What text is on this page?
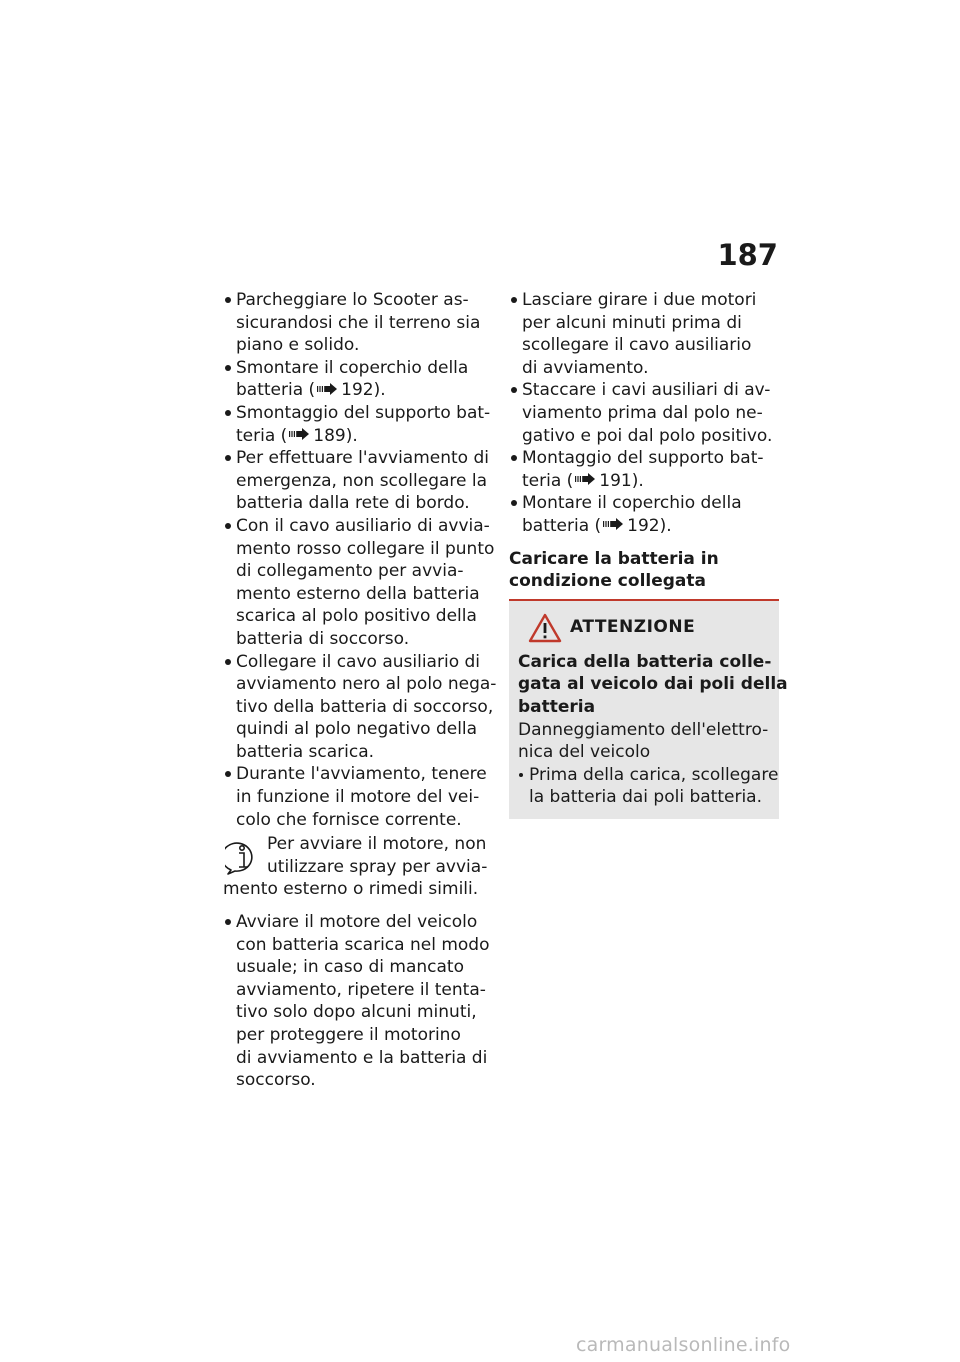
187
Parcheggiare lo Scooter as-
sicurandosi che il terreno sia
piano e solido.
Smontare il coperchio della
batteria ( 192).
Smontaggio del supporto bat-
teria ( 189).
Per effettuare l'avviamento di
emergenza, non scollegare la
batteria dalla rete di bordo.
Con il cavo ausiliario di avvia-
mento rosso collegare il punto
di collegamento per avvia-
mento esterno della batteria
scarica al polo positivo della
batteria di soccorso.
Collegare il cavo ausiliario di
avviamento nero al polo nega-
tivo della batteria di soccorso,
quindi al polo negativo della
batteria scarica.
Durante l'avviamento, tenere
in funzione il motore del vei-
colo che fornisce corrente.
Per avviare il motore, non
utilizzare spray per avvia-
mento esterno o rimedi simili.
Avviare il motore del veicolo
con batteria scarica nel modo
usuale; in caso di mancato
avviamento, ripetere il tenta-
tivo solo dopo alcuni minuti,
per proteggere il motorino
di avviamento e la batteria di
soccorso.
Lasciare girare i due motori
per alcuni minuti prima di
scollegare il cavo ausiliario
di avviamento.
Staccare i cavi ausiliari di av-
viamento prima dal polo ne-
gativo e poi dal polo positivo.
Montaggio del supporto bat-
teria ( 191).
Montare il coperchio della
batteria ( 192).
Caricare la batteria in
condizione collegata
ATTENZIONE
Carica della batteria colle-
gata al veicolo dai poli della
batteria
Danneggiamento dell'elettro-
nica del veicolo
Prima della carica, scollegare
la batteria dai poli batteria.
carmanualsonline.info
